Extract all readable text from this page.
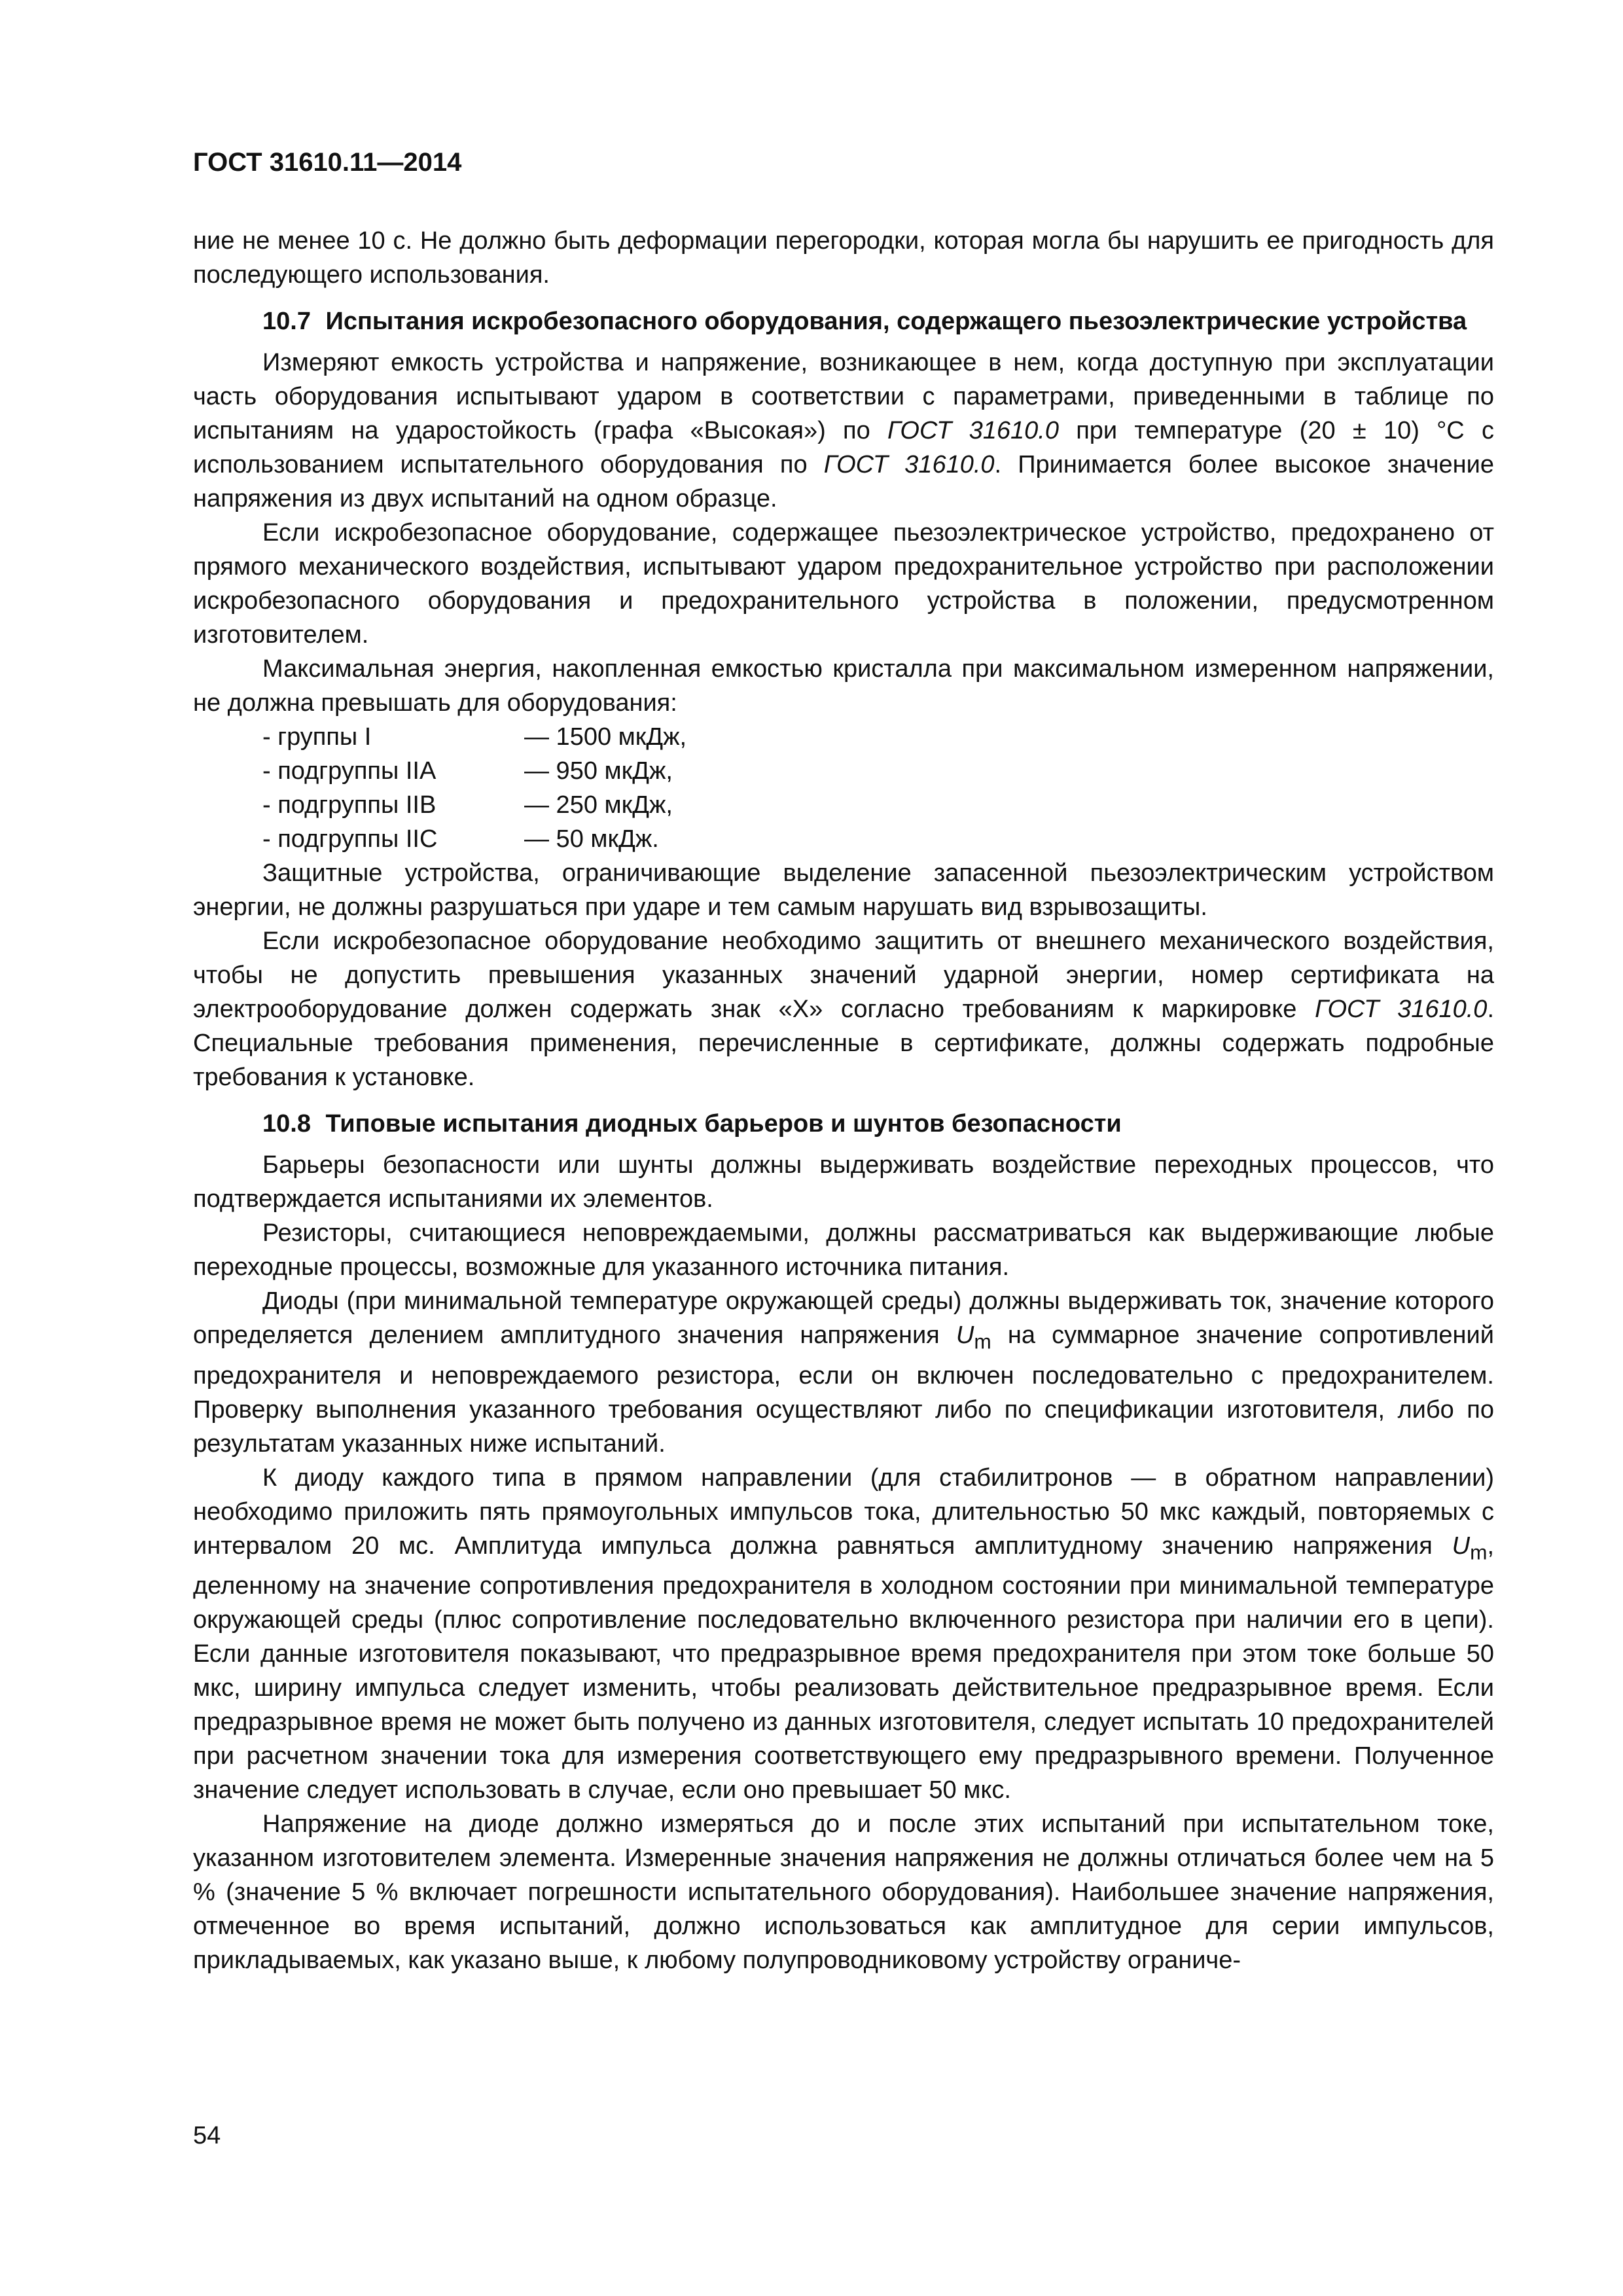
ГОСТ 31610.11—2014

ние не менее 10 с. Не должно быть деформации перегородки, которая могла бы нарушить ее пригодность для последующего использования.

10.7 Испытания искробезопасного оборудования, содержащего пьезоэлектрические устройства

Измеряют емкость устройства и напряжение, возникающее в нем, когда доступную при эксплуатации часть оборудования испытывают ударом в соответствии с параметрами, приведенными в таблице по испытаниям на ударостойкость (графа «Высокая») по ГОСТ 31610.0 при температуре (20 ± 10) °С с использованием испытательного оборудования по ГОСТ 31610.0. Принимается более высокое значение напряжения из двух испытаний на одном образце.

Если искробезопасное оборудование, содержащее пьезоэлектрическое устройство, предохранено от прямого механического воздействия, испытывают ударом предохранительное устройство при расположении искробезопасного оборудования и предохранительного устройства в положении, предусмотренном изготовителем.

Максимальная энергия, накопленная емкостью кристалла при максимальном измеренном напряжении, не должна превышать для оборудования:

- группы I	— 1500 мкДж,
- подгруппы IIA	— 950 мкДж,
- подгруппы IIB	— 250 мкДж,
- подгруппы IIC	— 50 мкДж.

Защитные устройства, ограничивающие выделение запасенной пьезоэлектрическим устройством энергии, не должны разрушаться при ударе и тем самым нарушать вид взрывозащиты.

Если искробезопасное оборудование необходимо защитить от внешнего механического воздействия, чтобы не допустить превышения указанных значений ударной энергии, номер сертификата на электрооборудование должен содержать знак «X» согласно требованиям к маркировке ГОСТ 31610.0. Специальные требования применения, перечисленные в сертификате, должны содержать подробные требования к установке.

10.8 Типовые испытания диодных барьеров и шунтов безопасности

Барьеры безопасности или шунты должны выдерживать воздействие переходных процессов, что подтверждается испытаниями их элементов.

Резисторы, считающиеся неповреждаемыми, должны рассматриваться как выдерживающие любые переходные процессы, возможные для указанного источника питания.

Диоды (при минимальной температуре окружающей среды) должны выдерживать ток, значение которого определяется делением амплитудного значения напряжения $U_m$ на суммарное значение сопротивлений предохранителя и неповреждаемого резистора, если он включен последовательно с предохранителем. Проверку выполнения указанного требования осуществляют либо по спецификации изготовителя, либо по результатам указанных ниже испытаний.

К диоду каждого типа в прямом направлении (для стабилитронов — в обратном направлении) необходимо приложить пять прямоугольных импульсов тока, длительностью 50 мкс каждый, повторяемых с интервалом 20 мс. Амплитуда импульса должна равняться амплитудному значению напряжения $U_m$, деленному на значение сопротивления предохранителя в холодном состоянии при минимальной температуре окружающей среды (плюс сопротивление последовательно включенного резистора при наличии его в цепи). Если данные изготовителя показывают, что предразрывное время предохранителя при этом токе больше 50 мкс, ширину импульса следует изменить, чтобы реализовать действительное предразрывное время. Если предразрывное время не может быть получено из данных изготовителя, следует испытать 10 предохранителей при расчетном значении тока для измерения соответствующего ему предразрывного времени. Полученное значение следует использовать в случае, если оно превышает 50 мкс.

Напряжение на диоде должно измеряться до и после этих испытаний при испытательном токе, указанном изготовителем элемента. Измеренные значения напряжения не должны отличаться более чем на 5 % (значение 5 % включает погрешности испытательного оборудования). Наибольшее значение напряжения, отмеченное во время испытаний, должно использоваться как амплитудное для серии импульсов, прикладываемых, как указано выше, к любому полупроводниковому устройству ограниче-

54
